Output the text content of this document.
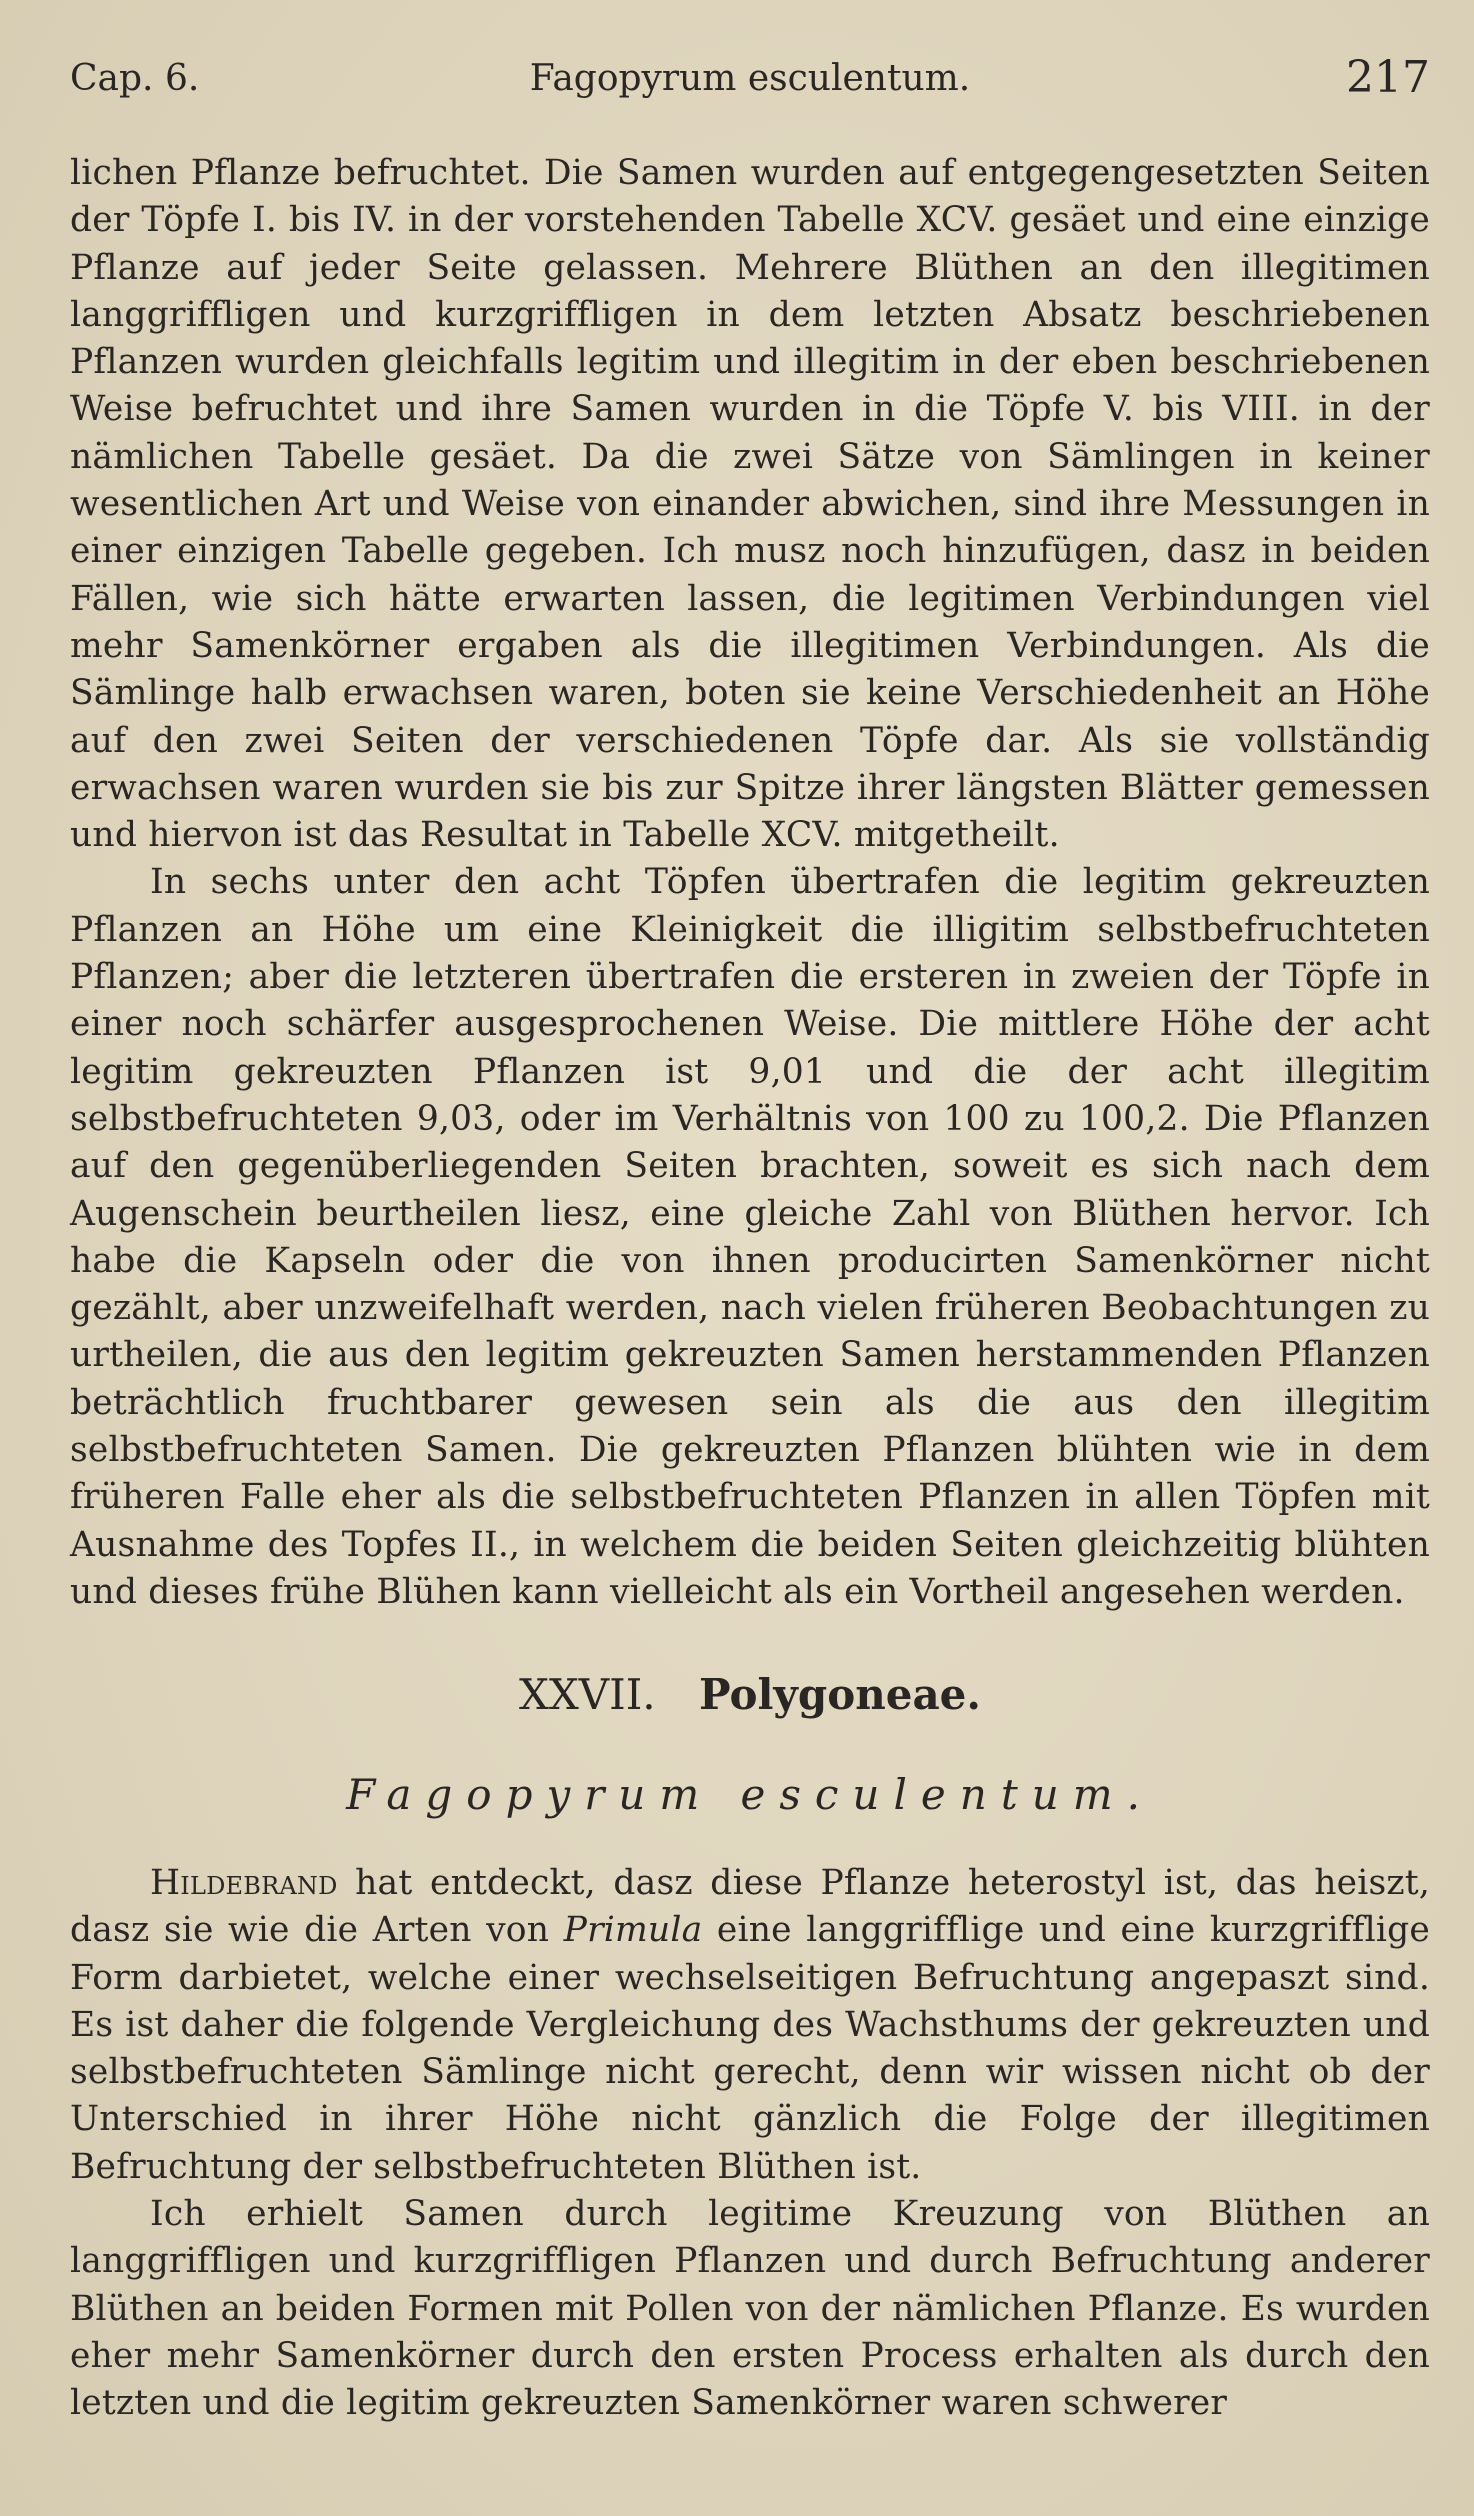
Cap. 6.	Fagopyrum esculentum.	217

lichen Pflanze befruchtet. Die Samen wurden auf entgegengesetzten Seiten der Töpfe I. bis IV. in der vorstehenden Tabelle XCV. gesäet und eine einzige Pflanze auf jeder Seite gelassen. Mehrere Blüthen an den illegitimen langgriffligen und kurzgriffligen in dem letzten Absatz beschriebenen Pflanzen wurden gleichfalls legitim und illegitim in der eben beschriebenen Weise befruchtet und ihre Samen wurden in die Töpfe V. bis VIII. in der nämlichen Tabelle gesäet. Da die zwei Sätze von Sämlingen in keiner wesentlichen Art und Weise von einander abwichen, sind ihre Messungen in einer einzigen Tabelle gegeben. Ich musz noch hinzufügen, dasz in beiden Fällen, wie sich hätte erwarten lassen, die legitimen Verbindungen viel mehr Samenkörner ergaben als die illegitimen Verbindungen. Als die Sämlinge halb erwachsen waren, boten sie keine Verschiedenheit an Höhe auf den zwei Seiten der verschiedenen Töpfe dar. Als sie vollständig erwachsen waren wurden sie bis zur Spitze ihrer längsten Blätter gemessen und hiervon ist das Resultat in Tabelle XCV. mitgetheilt.

In sechs unter den acht Töpfen übertrafen die legitim gekreuzten Pflanzen an Höhe um eine Kleinigkeit die illigitim selbstbefruchteten Pflanzen; aber die letzteren übertrafen die ersteren in zweien der Töpfe in einer noch schärfer ausgesprochenen Weise. Die mittlere Höhe der acht legitim gekreuzten Pflanzen ist 9,01 und die der acht illegitim selbstbefruchteten 9,03, oder im Verhältnis von 100 zu 100,2. Die Pflanzen auf den gegenüberliegenden Seiten brachten, soweit es sich nach dem Augenschein beurtheilen liesz, eine gleiche Zahl von Blüthen hervor. Ich habe die Kapseln oder die von ihnen producirten Samenkörner nicht gezählt, aber unzweifelhaft werden, nach vielen früheren Beobachtungen zu urtheilen, die aus den legitim gekreuzten Samen herstammenden Pflanzen beträchtlich fruchtbarer gewesen sein als die aus den illegitim selbstbefruchteten Samen. Die gekreuzten Pflanzen blühten wie in dem früheren Falle eher als die selbstbefruchteten Pflanzen in allen Töpfen mit Ausnahme des Topfes II., in welchem die beiden Seiten gleichzeitig blühten und dieses frühe Blühen kann vielleicht als ein Vortheil angesehen werden.

XXVII. Polygoneae.
Fagopyrum esculentum.

Hildebrand hat entdeckt, dasz diese Pflanze heterostyl ist, das heiszt, dasz sie wie die Arten von Primula eine langgrifflige und eine kurzgrifflige Form darbietet, welche einer wechselseitigen Befruchtung angepaszt sind. Es ist daher die folgende Vergleichung des Wachsthums der gekreuzten und selbstbefruchteten Sämlinge nicht gerecht, denn wir wissen nicht ob der Unterschied in ihrer Höhe nicht gänzlich die Folge der illegitimen Befruchtung der selbstbefruchteten Blüthen ist.

Ich erhielt Samen durch legitime Kreuzung von Blüthen an langgriffligen und kurzgriffligen Pflanzen und durch Befruchtung anderer Blüthen an beiden Formen mit Pollen von der nämlichen Pflanze. Es wurden eher mehr Samenkörner durch den ersten Process erhalten als durch den letzten und die legitim gekreuzten Samenkörner waren schwerer
